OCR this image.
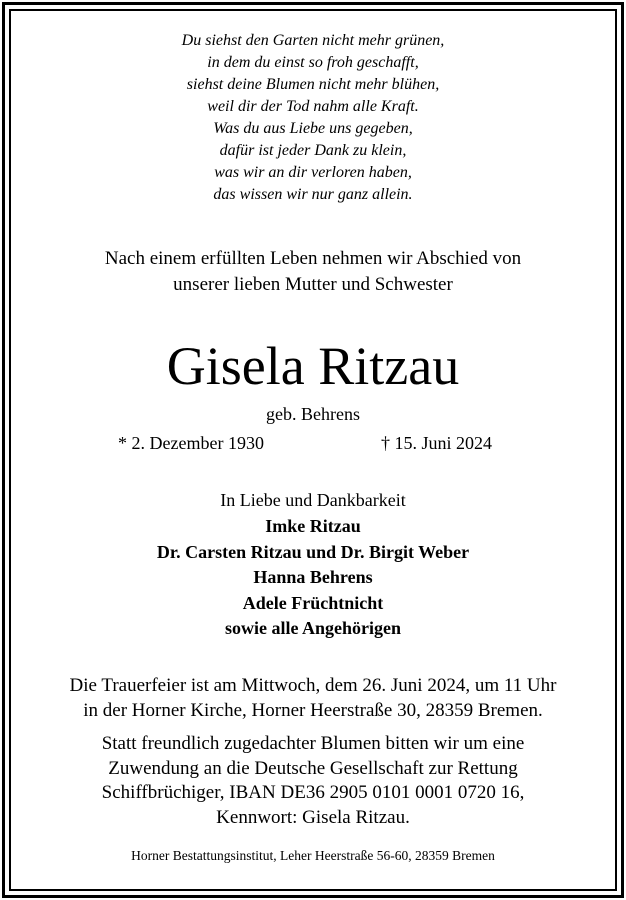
Du siehst den Garten nicht mehr grünen,
in dem du einst so froh geschafft,
siehst deine Blumen nicht mehr blühen,
weil dir der Tod nahm alle Kraft.
Was du aus Liebe uns gegeben,
dafür ist jeder Dank zu klein,
was wir an dir verloren haben,
das wissen wir nur ganz allein.
Nach einem erfüllten Leben nehmen wir Abschied von
unserer lieben Mutter und Schwester
Gisela Ritzau
geb. Behrens
* 2. Dezember 1930	† 15. Juni 2024
In Liebe und Dankbarkeit
Imke Ritzau
Dr. Carsten Ritzau und Dr. Birgit Weber
Hanna Behrens
Adele Früchtnicht
sowie alle Angehörigen
Die Trauerfeier ist am Mittwoch, dem 26. Juni 2024, um 11 Uhr
in der Horner Kirche, Horner Heerstraße 30, 28359 Bremen.
Statt freundlich zugedachter Blumen bitten wir um eine
Zuwendung an die Deutsche Gesellschaft zur Rettung
Schiffbrüchiger, IBAN DE36 2905 0101 0001 0720 16,
Kennwort: Gisela Ritzau.
Horner Bestattungsinstitut, Leher Heerstraße 56-60, 28359 Bremen
